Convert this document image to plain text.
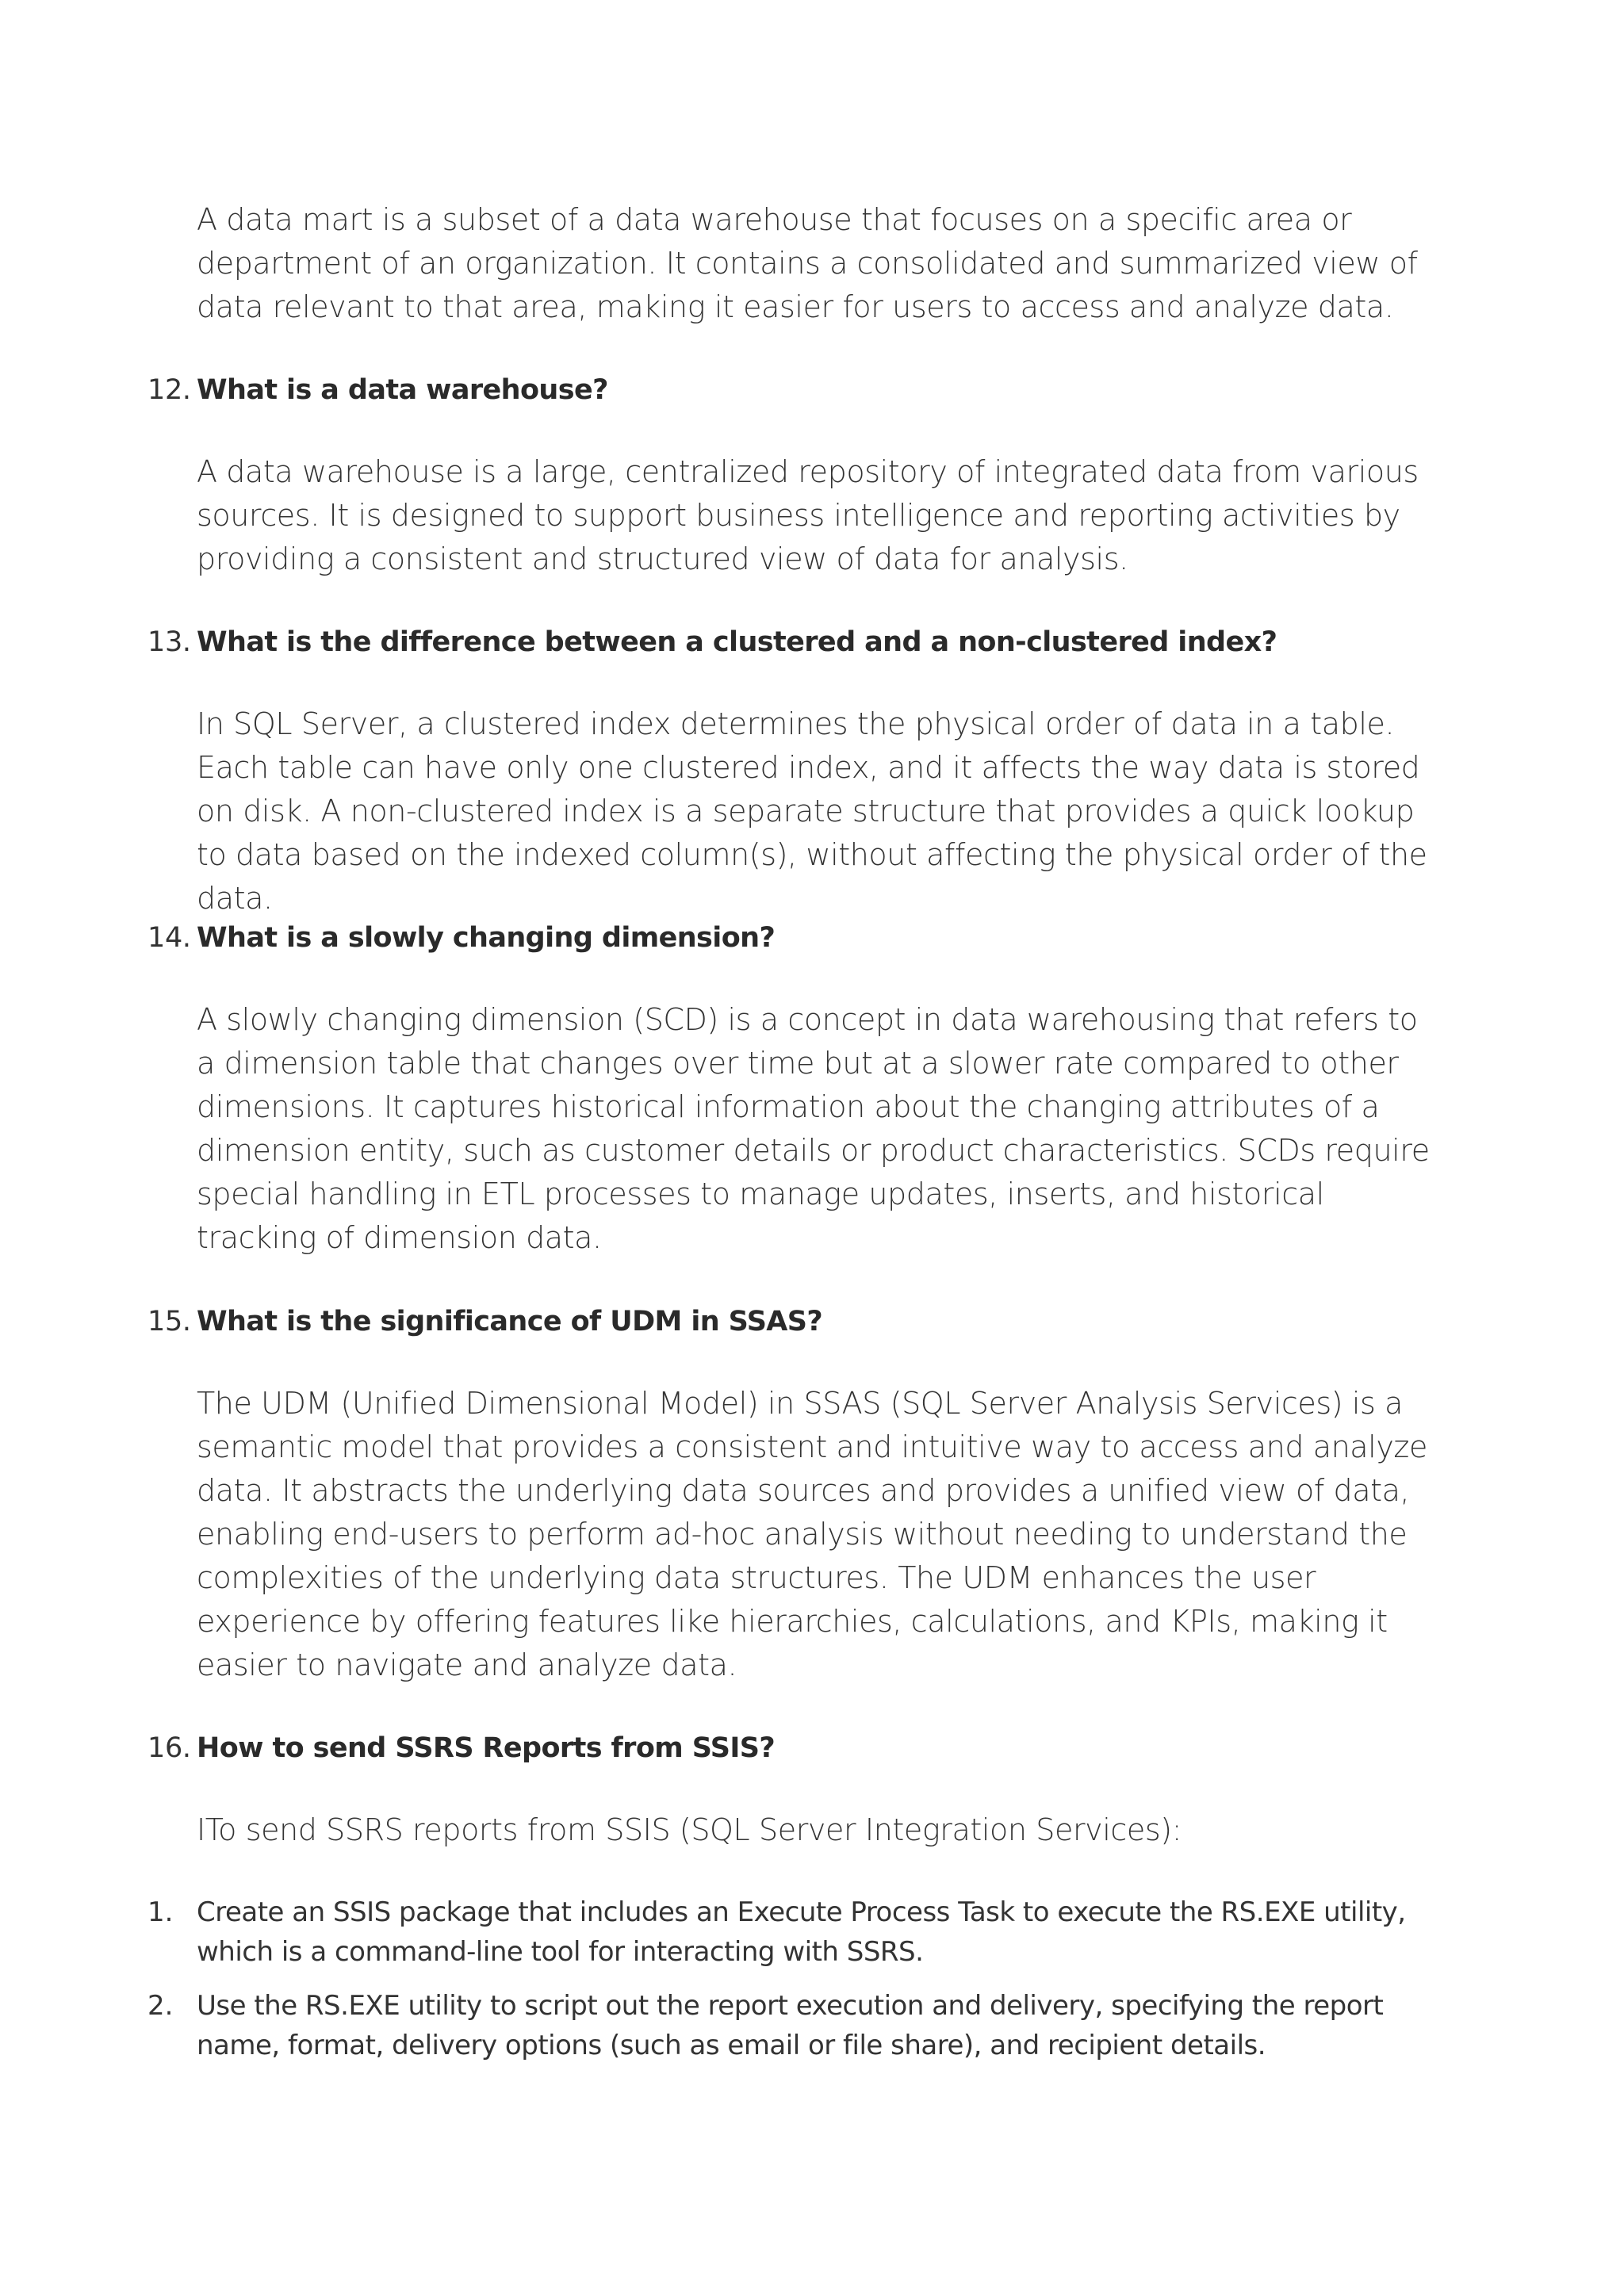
A data mart is a subset of a data warehouse that focuses on a specific area or department of an organization. It contains a consolidated and summarized view of data relevant to that area, making it easier for users to access and analyze data.
12. What is a data warehouse?
A data warehouse is a large, centralized repository of integrated data from various sources. It is designed to support business intelligence and reporting activities by providing a consistent and structured view of data for analysis.
13. What is the difference between a clustered and a non-clustered index?
In SQL Server, a clustered index determines the physical order of data in a table. Each table can have only one clustered index, and it affects the way data is stored on disk. A non-clustered index is a separate structure that provides a quick lookup to data based on the indexed column(s), without affecting the physical order of the data.
14. What is a slowly changing dimension?
A slowly changing dimension (SCD) is a concept in data warehousing that refers to a dimension table that changes over time but at a slower rate compared to other dimensions. It captures historical information about the changing attributes of a dimension entity, such as customer details or product characteristics. SCDs require special handling in ETL processes to manage updates, inserts, and historical tracking of dimension data.
15. What is the significance of UDM in SSAS?
The UDM (Unified Dimensional Model) in SSAS (SQL Server Analysis Services) is a semantic model that provides a consistent and intuitive way to access and analyze data. It abstracts the underlying data sources and provides a unified view of data, enabling end-users to perform ad-hoc analysis without needing to understand the complexities of the underlying data structures. The UDM enhances the user experience by offering features like hierarchies, calculations, and KPIs, making it easier to navigate and analyze data.
16. How to send SSRS Reports from SSIS?
ITo send SSRS reports from SSIS (SQL Server Integration Services):
1. Create an SSIS package that includes an Execute Process Task to execute the RS.EXE utility, which is a command-line tool for interacting with SSRS.
2. Use the RS.EXE utility to script out the report execution and delivery, specifying the report name, format, delivery options (such as email or file share), and recipient details.
